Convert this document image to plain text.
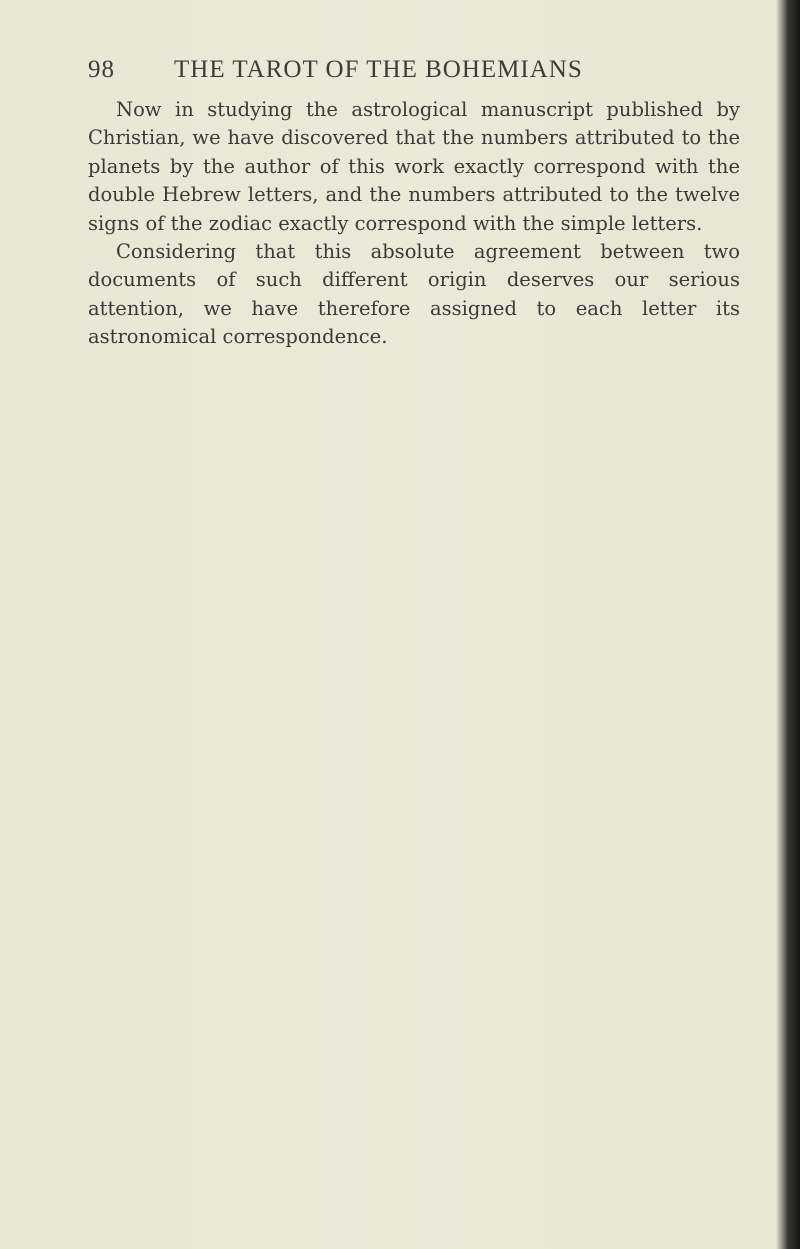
98 THE TAROT OF THE BOHEMIANS

Now in studying the astrological manuscript published by Christian, we have discovered that the numbers attributed to the planets by the author of this work exactly correspond with the double Hebrew letters, and the numbers attributed to the twelve signs of the zodiac exactly correspond with the simple letters.

Considering that this absolute agreement between two documents of such different origin deserves our serious attention, we have therefore assigned to each letter its astronomical correspondence.
